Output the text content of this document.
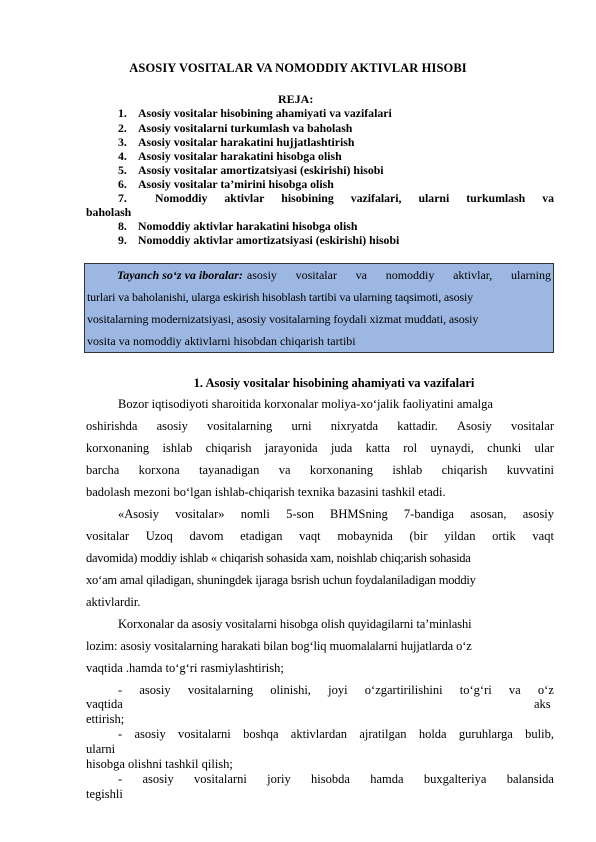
ASOSIY VOSITALAR VA NOMODDIY AKTIVLAR HISOBI
REJA:
1. Asosiy vositalar hisobining ahamiyati va vazifalari
2. Asosiy vositalarni turkumlash va baholash
3. Asosiy vositalar harakatini hujjatlashtirish
4. Asosiy vositalar harakatini hisobga olish
5. Asosiy vositalar amortizatsiyasi (eskirishi) hisobi
6. Asosiy vositalar ta’mirini hisobga olish
7.	Nomoddiy aktivlar hisobining vazifalari, ularni turkumlash va
baholash
8. Nomoddiy aktivlar harakatini hisobga olish
9. Nomoddiy aktivlar amortizatsiyasi (eskirishi) hisobi
Tayanch so‘z va iboralar: asosiy vositalar va nomoddiy aktivlar, ularning
turlari va baholanishi, ularga eskirish hisoblash tartibi va ularning taqsimoti, asosiy
vositalarning modernizatsiyasi, asosiy vositalarning foydali xizmat muddati, asosiy
vosita va nomoddiy aktivlarni hisobdan chiqarish tartibi
1. Asosiy vositalar hisobining ahamiyati va vazifalari
Bozor iqtisodiyoti sharoitida korxonalar moliya-xo‘jalik faoliyatini amalga
oshirishda asosiy vositalarning urni nixryatda kattadir. Asosiy vositalar
korxonaning ishlab chiqarish jarayonida juda katta rol uynaydi, chunki ular
barcha korxona tayanadigan va korxonaning ishlab chiqarish kuvvatini
badolash mezoni bo‘lgan ishlab-chiqarish texnika bazasini tashkil etadi.
«Asosiy vositalar» nomli 5-son BHMSning 7-bandiga asosan, asosiy
vositalar Uzoq davom etadigan vaqt mobaynida (bir yildan ortik vaqt
davomida) moddiy ishlab « chiqarish sohasida xam, noishlab chiq;arish sohasida
xo‘am amal qiladigan, shuningdek ijaraga bsrish uchun foydalaniladigan moddiy
aktivlardir.
Korxonalar da asosiy vositalarni hisobga olish quyidagilarni ta’minlashi
lozim: asosiy vositalarning harakati bilan bog‘liq muomalalarni hujjatlarda o‘z
vaqtida .hamda to‘g‘ri rasmiylashtirish;
- asosiy vositalarning olinishi, joyi o‘zgartirilishini to‘g‘ri va o‘z
vaqtida	aks
ettirish;
- asosiy vositalarni boshqa aktivlardan ajratilgan holda guruhlarga bulib,
ularni
hisobga olishni tashkil qilish;
- asosiy vositalarni joriy hisobda hamda buxgalteriya balansida
tegishli
